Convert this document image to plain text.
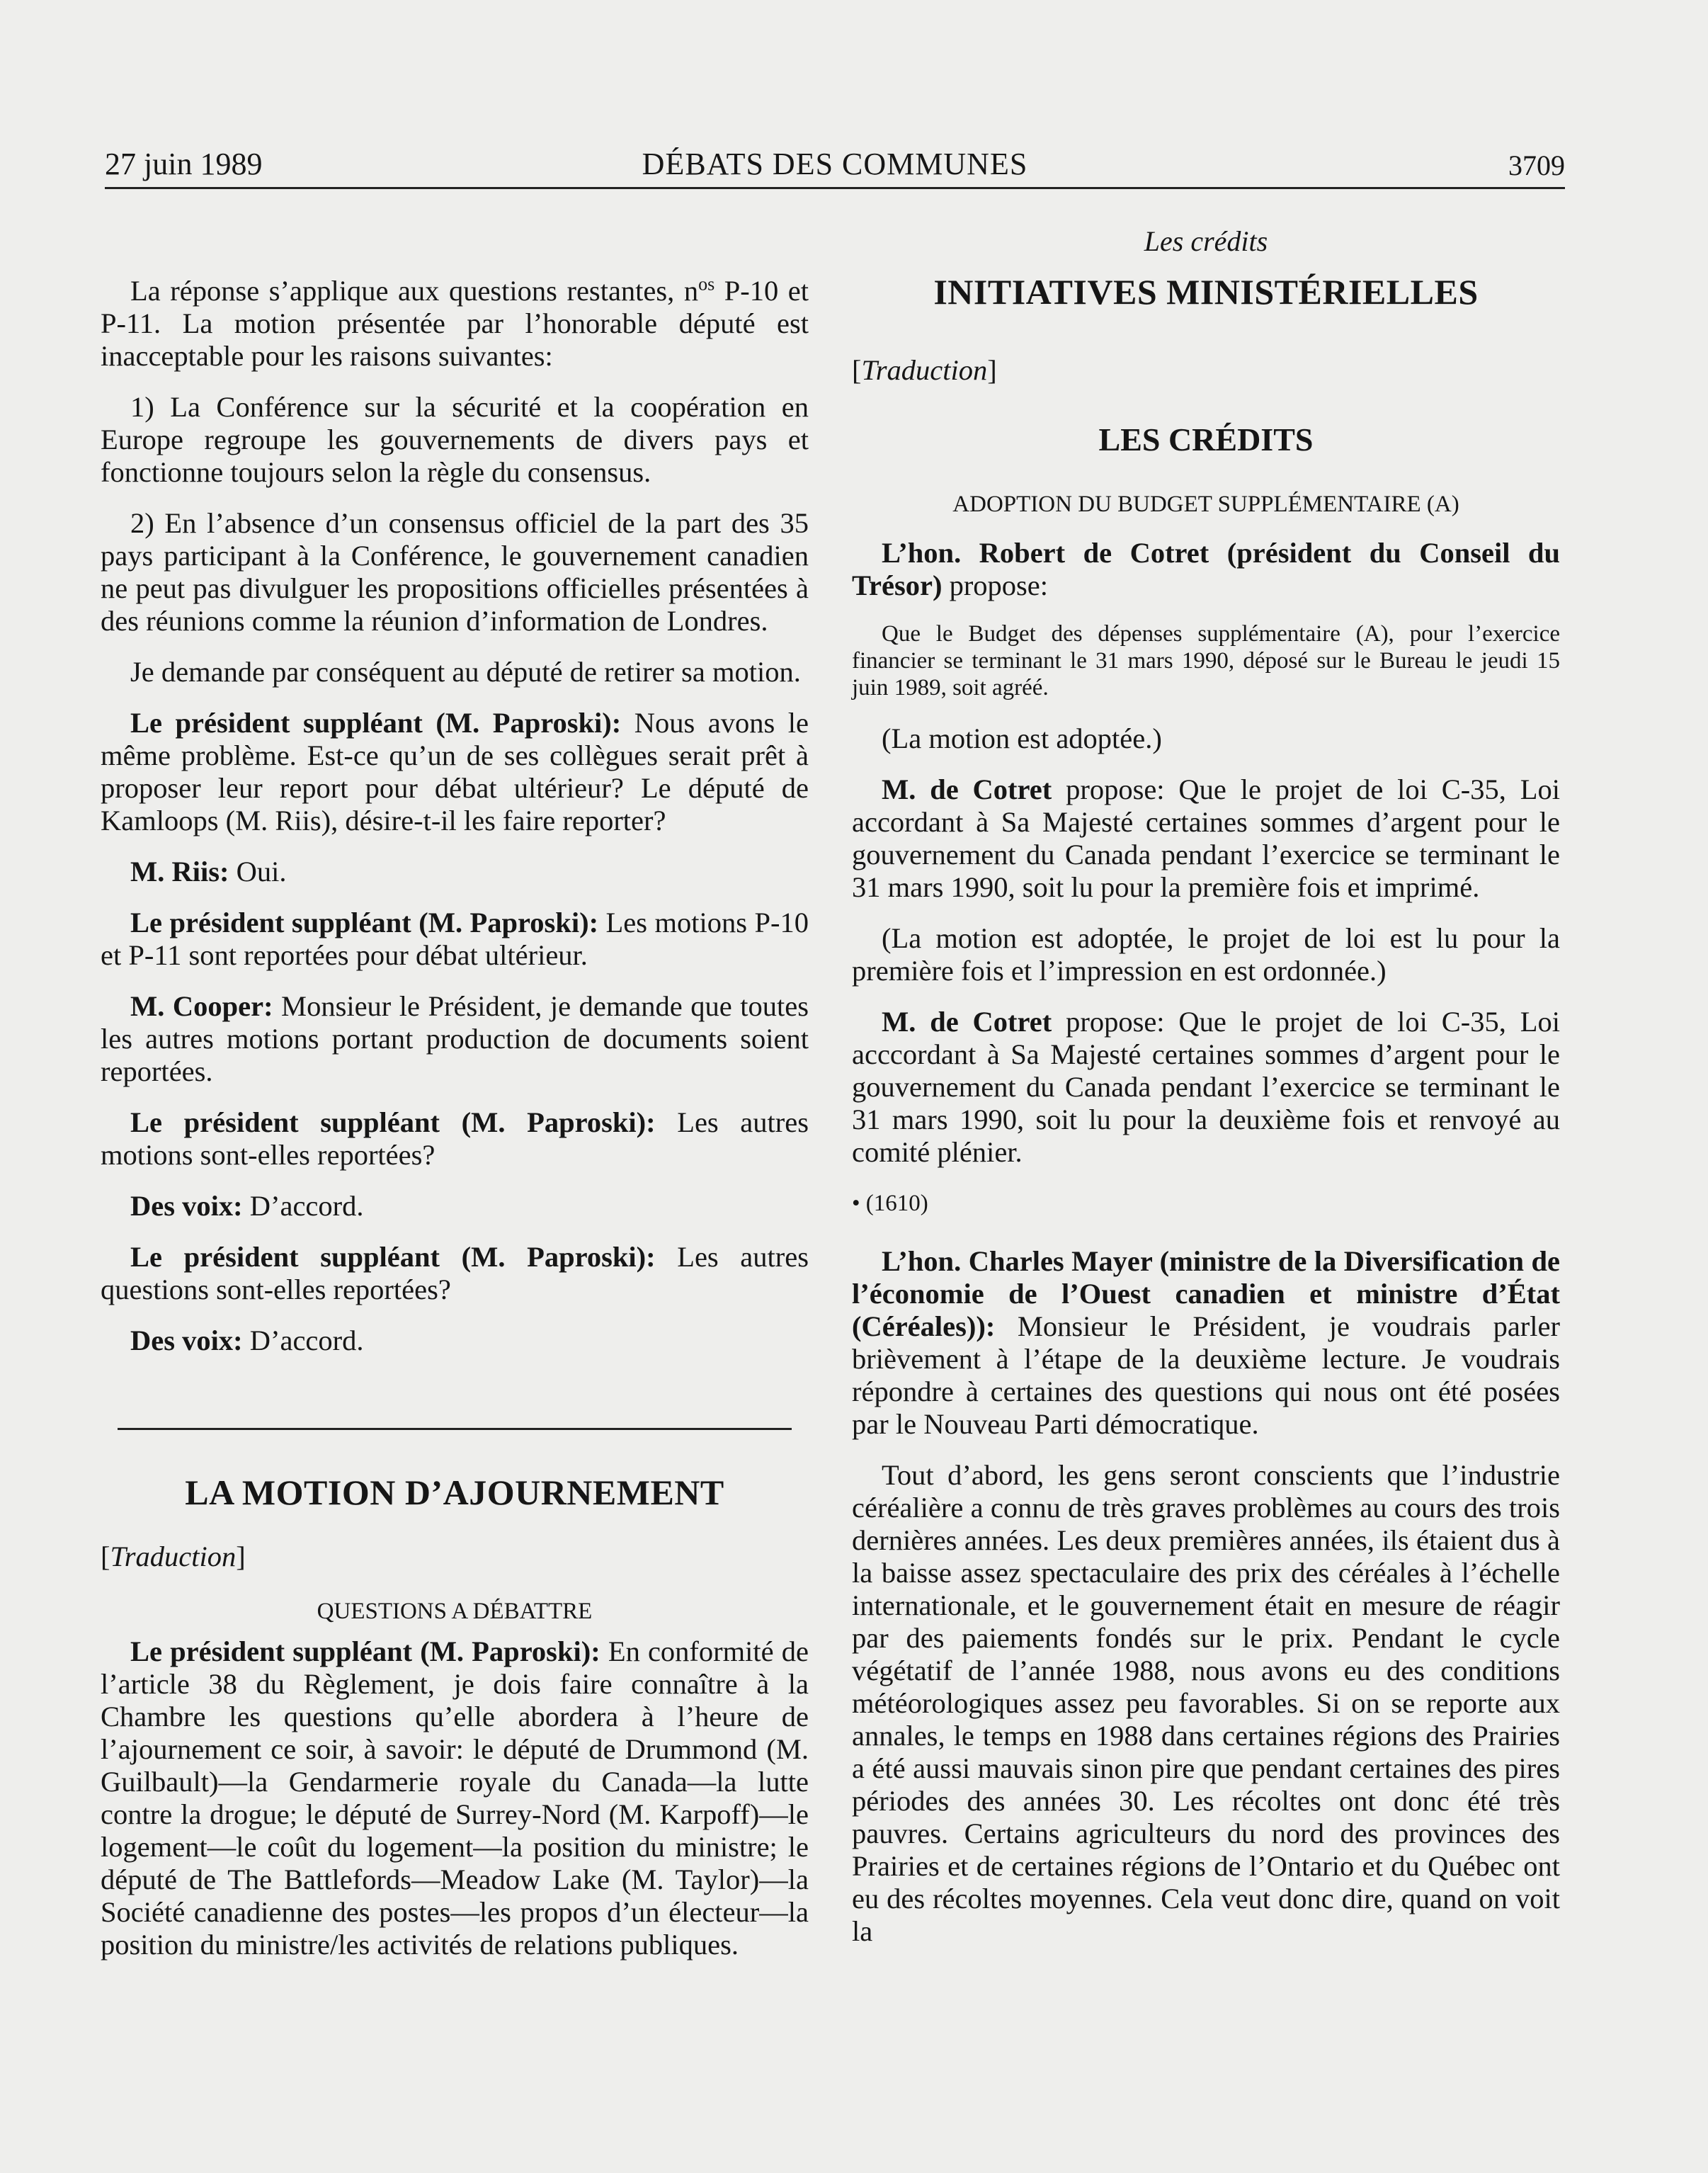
27 juin 1989	DÉBATS DES COMMUNES	3709

La réponse s’applique aux questions restantes, $n^{os}$ P-10 et P-11. La motion présentée par l’honorable député est inacceptable pour les raisons suivantes:

1) La Conférence sur la sécurité et la coopération en Europe regroupe les gouvernements de divers pays et fonctionne toujours selon la règle du consensus.

2) En l’absence d’un consensus officiel de la part des 35 pays participant à la Conférence, le gouvernement canadien ne peut pas divulguer les propositions officielles présentées à des réunions comme la réunion d’information de Londres.

Je demande par conséquent au député de retirer sa motion.

Le président suppléant (M. Paproski): Nous avons le même problème. Est-ce qu’un de ses collègues serait prêt à proposer leur report pour débat ultérieur? Le député de Kamloops (M. Riis), désire-t-il les faire reporter?

M. Riis: Oui.

Le président suppléant (M. Paproski): Les motions P-10 et P-11 sont reportées pour débat ultérieur.

M. Cooper: Monsieur le Président, je demande que toutes les autres motions portant production de documents soient reportées.

Le président suppléant (M. Paproski): Les autres motions sont-elles reportées?

Des voix: D’accord.

Le président suppléant (M. Paproski): Les autres questions sont-elles reportées?

Des voix: D’accord.

LA MOTION D’AJOURNEMENT

[Traduction]

QUESTIONS A DÉBATTRE

Le président suppléant (M. Paproski): En conformité de l’article 38 du Règlement, je dois faire connaître à la Chambre les questions qu’elle abordera à l’heure de l’ajournement ce soir, à savoir: le député de Drummond (M. Guilbault)—la Gendarmerie royale du Canada—la lutte contre la drogue; le député de Surrey-Nord (M. Karpoff)—le logement—le coût du logement—la position du ministre; le député de The Battlefords—Meadow Lake (M. Taylor)—la Société canadienne des postes—les propos d’un électeur—la position du ministre/les activités de relations publiques.

Les crédits
INITIATIVES MINISTÉRIELLES

[Traduction]

LES CRÉDITS
ADOPTION DU BUDGET SUPPLÉMENTAIRE (A)

L’hon. Robert de Cotret (président du Conseil du Trésor) propose:

Que le Budget des dépenses supplémentaire (A), pour l’exercice financier se terminant le 31 mars 1990, déposé sur le Bureau le jeudi 15 juin 1989, soit agréé.

(La motion est adoptée.)

M. de Cotret propose: Que le projet de loi C-35, Loi accordant à Sa Majesté certaines sommes d’argent pour le gouvernement du Canada pendant l’exercice se terminant le 31 mars 1990, soit lu pour la première fois et imprimé.

(La motion est adoptée, le projet de loi est lu pour la première fois et l’impression en est ordonnée.)

M. de Cotret propose: Que le projet de loi C-35, Loi acccordant à Sa Majesté certaines sommes d’argent pour le gouvernement du Canada pendant l’exercice se terminant le 31 mars 1990, soit lu pour la deuxième fois et renvoyé au comité plénier.

• (1610)

L’hon. Charles Mayer (ministre de la Diversification de l’économie de l’Ouest canadien et ministre d’État (Céréales)): Monsieur le Président, je voudrais parler brièvement à l’étape de la deuxième lecture. Je voudrais répondre à certaines des questions qui nous ont été posées par le Nouveau Parti démocratique.

Tout d’abord, les gens seront conscients que l’industrie céréalière a connu de très graves problèmes au cours des trois dernières années. Les deux premières années, ils étaient dus à la baisse assez spectaculaire des prix des céréales à l’échelle internationale, et le gouvernement était en mesure de réagir par des paiements fondés sur le prix. Pendant le cycle végétatif de l’année 1988, nous avons eu des conditions météorologiques assez peu favorables. Si on se reporte aux annales, le temps en 1988 dans certaines régions des Prairies a été aussi mauvais sinon pire que pendant certaines des pires périodes des années 30. Les récoltes ont donc été très pauvres. Certains agriculteurs du nord des provinces des Prairies et de certaines régions de l’Ontario et du Québec ont eu des récoltes moyennes. Cela veut donc dire, quand on voit la
